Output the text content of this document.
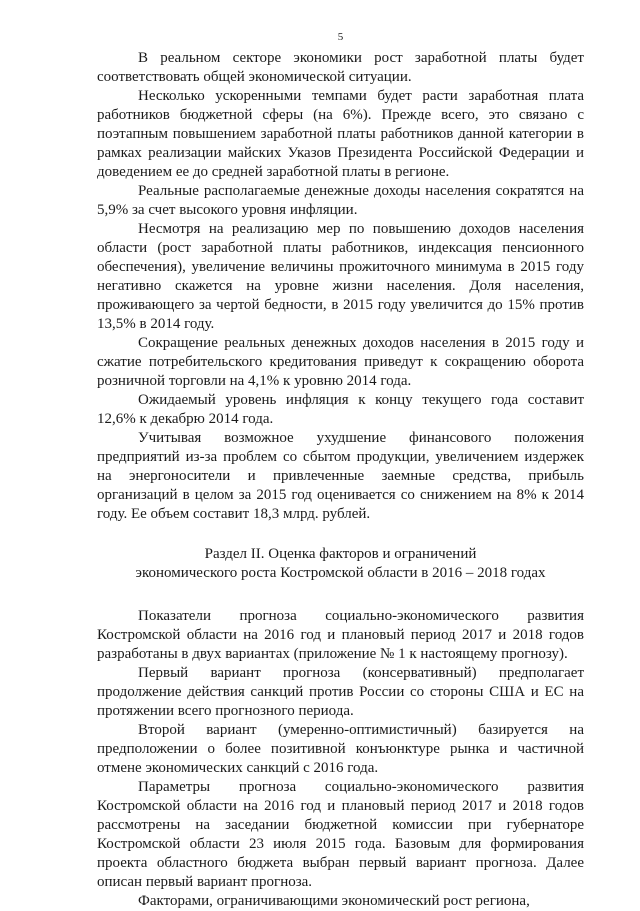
5

В реальном секторе экономики рост заработной платы будет соответствовать общей экономической ситуации.

Несколько ускоренными темпами будет расти заработная плата работников бюджетной сферы (на 6%). Прежде всего, это связано с поэтапным повышением заработной платы работников данной категории в рамках реализации майских Указов Президента Российской Федерации и доведением ее до средней заработной платы в регионе.

Реальные располагаемые денежные доходы населения сократятся на 5,9% за счет высокого уровня инфляции.

Несмотря на реализацию мер по повышению доходов населения области (рост заработной платы работников, индексация пенсионного обеспечения), увеличение величины прожиточного минимума в 2015 году негативно скажется на уровне жизни населения. Доля населения, проживающего за чертой бедности, в 2015 году увеличится до 15% против 13,5% в 2014 году.

Сокращение реальных денежных доходов населения в 2015 году и сжатие потребительского кредитования приведут к сокращению оборота розничной торговли на 4,1% к уровню 2014 года.

Ожидаемый уровень инфляция к концу текущего года составит 12,6% к декабрю 2014 года.

Учитывая возможное ухудшение финансового положения предприятий из-за проблем со сбытом продукции, увеличением издержек на энергоносители и привлеченные заемные средства, прибыль организаций в целом за 2015 год оценивается со снижением на 8% к 2014 году. Ее объем составит 18,3 млрд. рублей.

Раздел II. Оценка факторов и ограничений
экономического роста Костромской области в 2016 – 2018 годах

Показатели прогноза социально-экономического развития Костромской области на 2016 год и плановый период 2017 и 2018 годов разработаны в двух вариантах (приложение № 1 к настоящему прогнозу).

Первый вариант прогноза (консервативный) предполагает продолжение действия санкций против России со стороны США и ЕС на протяжении всего прогнозного периода.

Второй вариант (умеренно-оптимистичный) базируется на предположении о более позитивной конъюнктуре рынка и частичной отмене экономических санкций с 2016 года.

Параметры прогноза социально-экономического развития Костромской области на 2016 год и плановый период 2017 и 2018 годов рассмотрены на заседании бюджетной комиссии при губернаторе Костромской области 23 июля 2015 года. Базовым для формирования проекта областного бюджета выбран первый вариант прогноза. Далее описан первый вариант прогноза.

Факторами, ограничивающими экономический рост региона,
